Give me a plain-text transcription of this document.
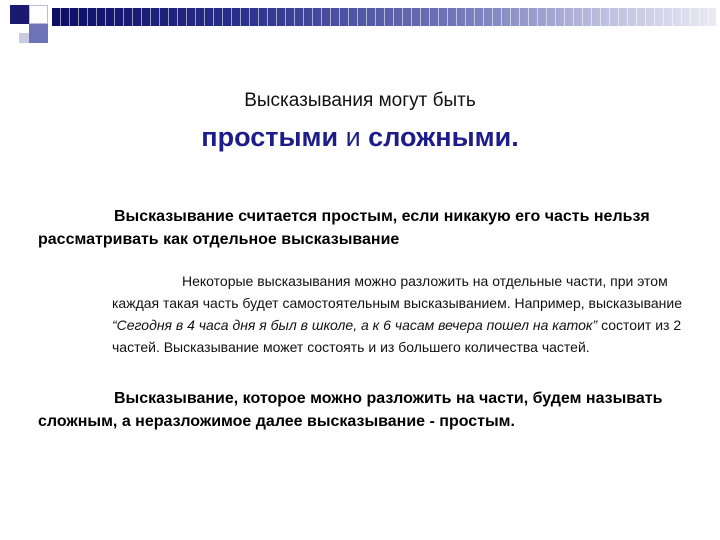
Высказывания могут быть
простыми и сложными.
Высказывание считается простым, если никакую его часть нельзя рассматривать как отдельное высказывание
Некоторые высказывания можно разложить на отдельные части, при этом каждая такая часть будет самостоятельным высказыванием. Например, высказывание “Сегодня в 4 часа дня я был в школе, а к 6 часам вечера пошел на каток” состоит из 2 частей. Высказывание может состоять и из большего количества частей.
Высказывание, которое можно разложить на части, будем называть сложным, а неразложимое далее высказывание - простым.
